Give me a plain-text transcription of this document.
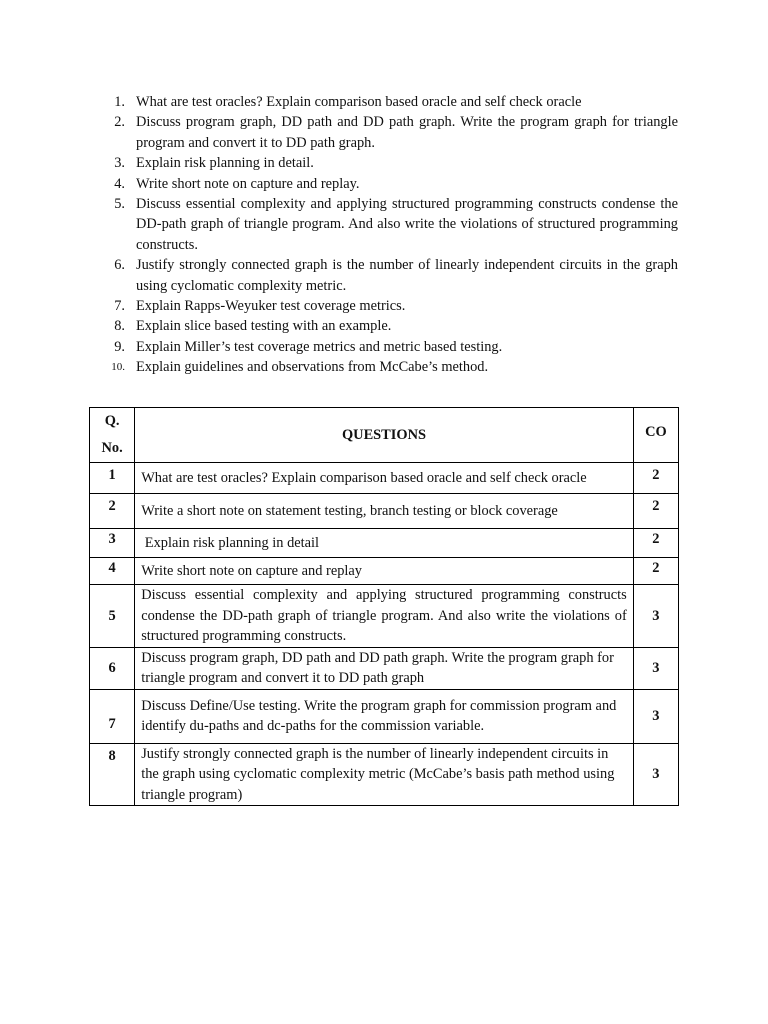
1. What are test oracles? Explain comparison based oracle and self check oracle
2. Discuss program graph, DD path and DD path graph. Write the program graph for triangle program and convert it to DD path graph.
3. Explain risk planning in detail.
4. Write short note on capture and replay.
5. Discuss essential complexity and applying structured programming constructs condense the DD-path graph of triangle program. And also write the violations of structured programming constructs.
6. Justify strongly connected graph is the number of linearly independent circuits in the graph using cyclomatic complexity metric.
7. Explain Rapps-Weyuker test coverage metrics.
8. Explain slice based testing with an example.
9. Explain Miller’s test coverage metrics and metric based testing.
10. Explain guidelines and observations from McCabe’s method.
Q.
No.	QUESTIONS	CO
1	What are test oracles? Explain comparison based oracle and self check oracle	2
2	Write a short note on statement testing, branch testing or block coverage	2
3	Explain risk planning in detail	2
4	Write short note on capture and replay	2
5	Discuss essential complexity and applying structured programming constructs condense the DD-path graph of triangle program. And also write the violations of structured programming constructs.	3
6	Discuss program graph, DD path and DD path graph. Write the program graph for triangle program and convert it to DD path graph	3
7	Discuss Define/Use testing. Write the program graph for commission program and identify du-paths and dc-paths for the commission variable.	3
8	Justify strongly connected graph is the number of linearly independent circuits in the graph using cyclomatic complexity metric (McCabe’s basis path method using triangle program)	3
